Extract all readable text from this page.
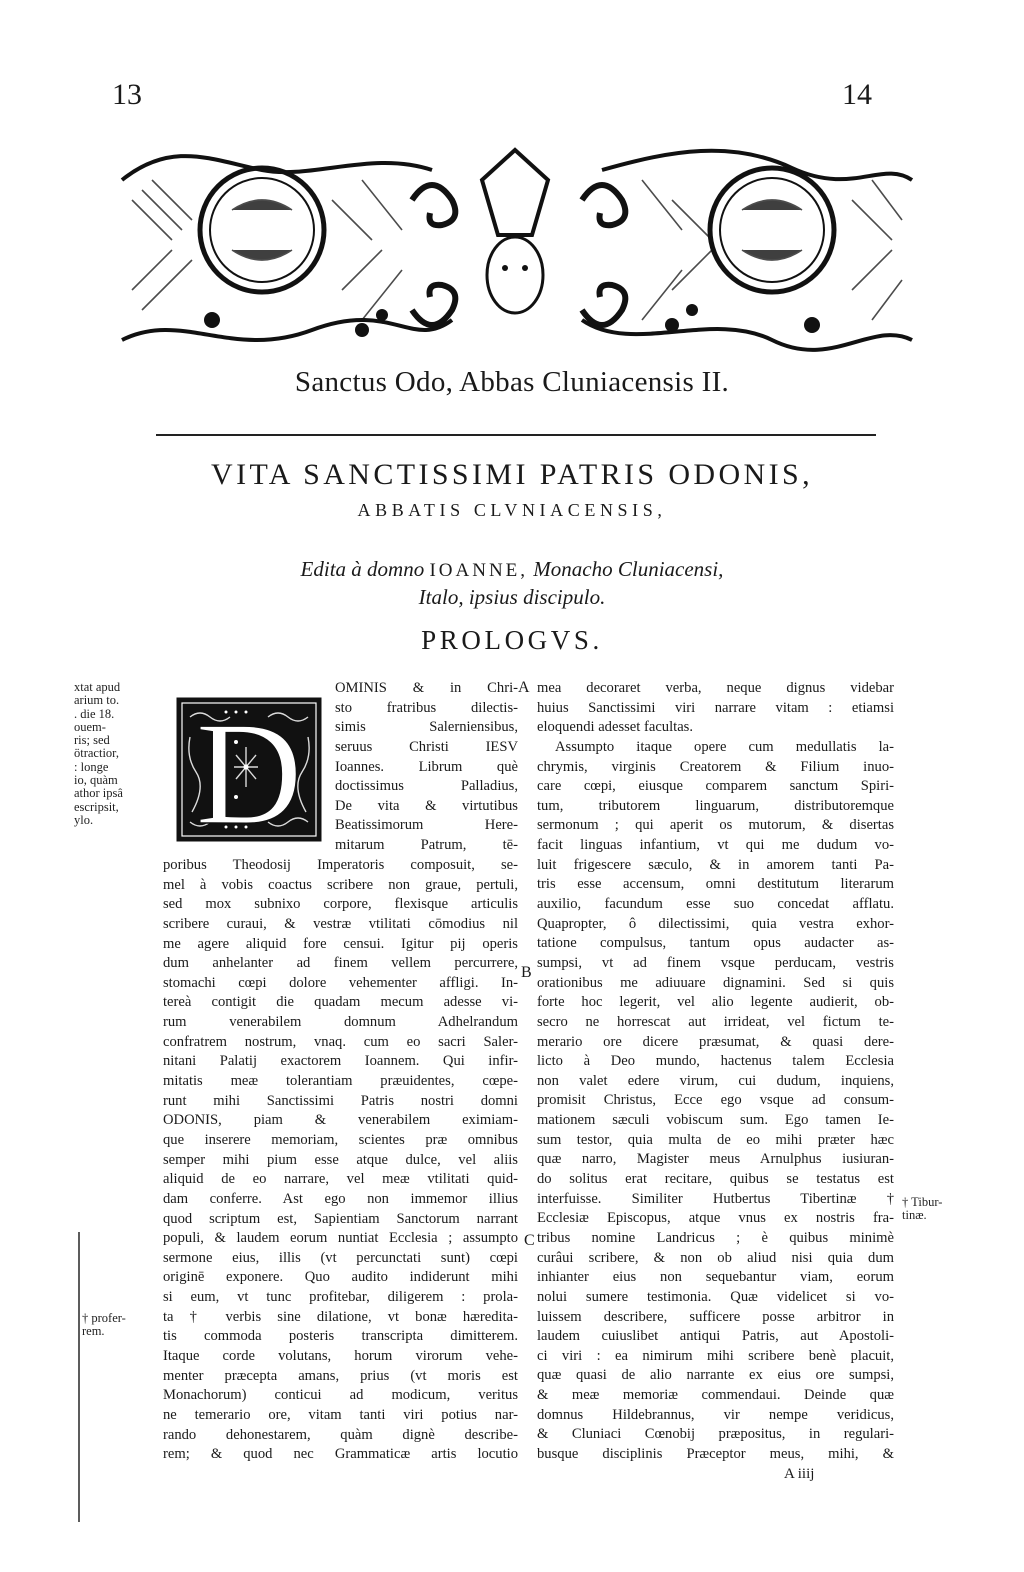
13	14
Sanctus Odo, Abbas Cluniacensis II.
VITA SANCTISSIMI PATRIS ODONIS,
ABBATIS CLVNIACENSIS,
Edita à domno IOANNE, Monacho Cluniacensi,
Italo, ipsius discipulo.
PROLOGVS.
xtat apud
arium to.
. die 18.
ouem-
ris; sed
ötractior,
: longe
io, quàm
athor ipsâ
escripsit,
ylo.
† profer-
rem.
† Tibur-
tinæ.
D
A
B
C
OMINIS & in Chri-
sto fratribus dilectis-
simis Salerniensibus,
seruus Christi IESV
Ioannes. Librum què
doctissimus Palladius,
De vita & virtutibus
Beatissimorum Here-
mitarum Patrum, tē-
poribus Theodosij Imperatoris composuit, se-
mel à vobis coactus scribere non graue, pertuli,
sed mox subnixo corpore, flexisque articulis
scribere curaui, & vestræ vtilitati cōmodius nil
me agere aliquid fore censui. Igitur pij operis
dum anhelanter ad finem vellem percurrere,
stomachi cœpi dolore vehementer affligi. In-
tereà contigit die quadam mecum adesse vi-
rum venerabilem domnum Adhelrandum
confratrem nostrum, vnaq. cum eo sacri Saler-
nitani Palatij exactorem Ioannem. Qui infir-
mitatis meæ tolerantiam præuidentes, cœpe-
runt mihi Sanctissimi Patris nostri domni
ODONIS, piam & venerabilem eximiam-
que inserere memoriam, scientes præ omnibus
semper mihi pium esse atque dulce, vel aliis
aliquid de eo narrare, vel meæ vtilitati quid-
dam conferre. Ast ego non immemor illius
quod scriptum est, Sapientiam Sanctorum narrant
populi, & laudem eorum nuntiat Ecclesia ; assumpto
sermone eius, illis (vt percunctati sunt) cœpi
originē exponere. Quo audito indiderunt mihi
si eum, vt tunc profitebar, diligerem : prola-
ta † verbis sine dilatione, vt bonæ hæredita-
tis commoda posteris transcripta dimitterem.
Itaque corde volutans, horum virorum vehe-
menter præcepta amans, prius (vt moris est
Monachorum) conticui ad modicum, veritus
ne temerario ore, vitam tanti viri potius nar-
rando dehonestarem, quàm dignè describe-
rem; & quod nec Grammaticæ artis locutio
mea decoraret verba, neque dignus videbar
huius Sanctissimi viri narrare vitam : etiamsi
eloquendi adesset facultas.
Assumpto itaque opere cum medullatis la-
chrymis, virginis Creatorem & Filium inuo-
care cœpi, eiusque comparem sanctum Spiri-
tum, tributorem linguarum, distributoremque
sermonum ; qui aperit os mutorum, & disertas
facit linguas infantium, vt qui me dudum vo-
luit frigescere sæculo, & in amorem tanti Pa-
tris esse accensum, omni destitutum literarum
auxilio, facundum esse suo concedat afflatu.
Quapropter, ô dilectissimi, quia vestra exhor-
tatione compulsus, tantum opus audacter as-
sumpsi, vt ad finem vsque perducam, vestris
orationibus me adiuuare dignamini. Sed si quis
forte hoc legerit, vel alio legente audierit, ob-
secro ne horrescat aut irrideat, vel fictum te-
merario ore dicere præsumat, & quasi dere-
licto à Deo mundo, hactenus talem Ecclesia
non valet edere virum, cui dudum, inquiens,
promisit Christus, Ecce ego vsque ad consum-
mationem sæculi vobiscum sum. Ego tamen Ie-
sum testor, quia multa de eo mihi præter hæc
quæ narro, Magister meus Arnulphus iusiuran-
do solitus erat recitare, quibus se testatus est
interfuisse. Similiter Hutbertus Tibertinæ †
Ecclesiæ Episcopus, atque vnus ex nostris fra-
tribus nomine Landricus ; è quibus minimè
curâui scribere, & non ob aliud nisi quia dum
inhianter eius non sequebantur viam, eorum
nolui sumere testimonia. Quæ videlicet si vo-
luissem describere, sufficere posse arbitror in
laudem cuiuslibet antiqui Patris, aut Apostoli-
ci viri : ea nimirum mihi scribere benè placuit,
quæ quasi de alio narrante ex eius ore sumpsi,
& meæ memoriæ commendaui. Deinde quæ
domnus Hildebrannus, vir nempe veridicus,
& Cluniaci Cœnobij præpositus, in regulari-
busque disciplinis Præceptor meus, mihi, &
A iiij
